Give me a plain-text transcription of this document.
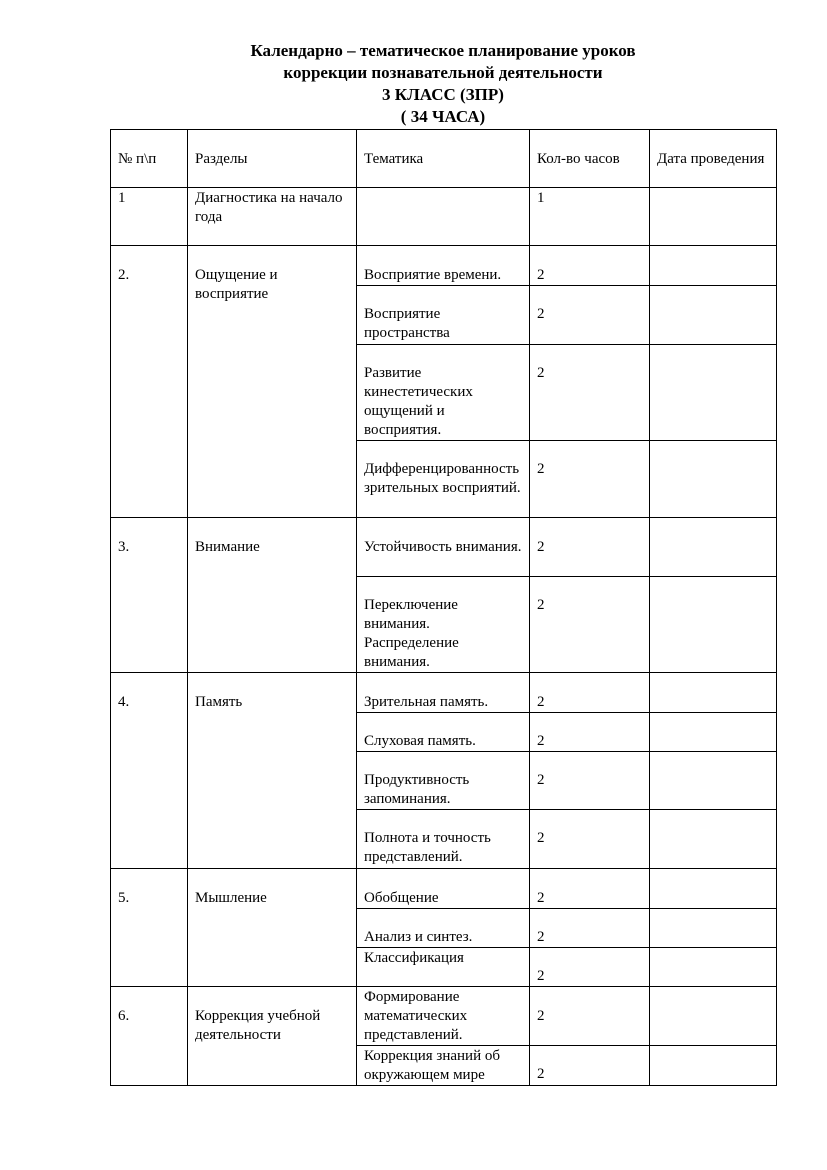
Календарно – тематическое планирование уроков
коррекции познавательной деятельности
3 КЛАСС (ЗПР)
( 34 ЧАСА)
№ п\п	Разделы	Тематика	Кол-во часов	Дата проведения
1	Диагностика на начало года		1	
2.	Ощущение и восприятие	Восприятие времени.	2	
		Восприятие пространства	2	
		Развитие кинестетических ощущений и восприятия.	2	
		Дифференцированность зрительных восприятий.	2	
3.	Внимание	Устойчивость внимания.	2	
		Переключение внимания. Распределение внимания.	2	
4.	Память	Зрительная память.	2	
		Слуховая память.	2	
		Продуктивность запоминания.	2	
		Полнота и точность представлений.	2	
5.	Мышление	Обобщение	2	
		Анализ и синтез.	2	
		Классификация	2	
6.	Коррекция учебной деятельности	Формирование математических представлений.	2	
		Коррекция знаний об окружающем мире	2	
